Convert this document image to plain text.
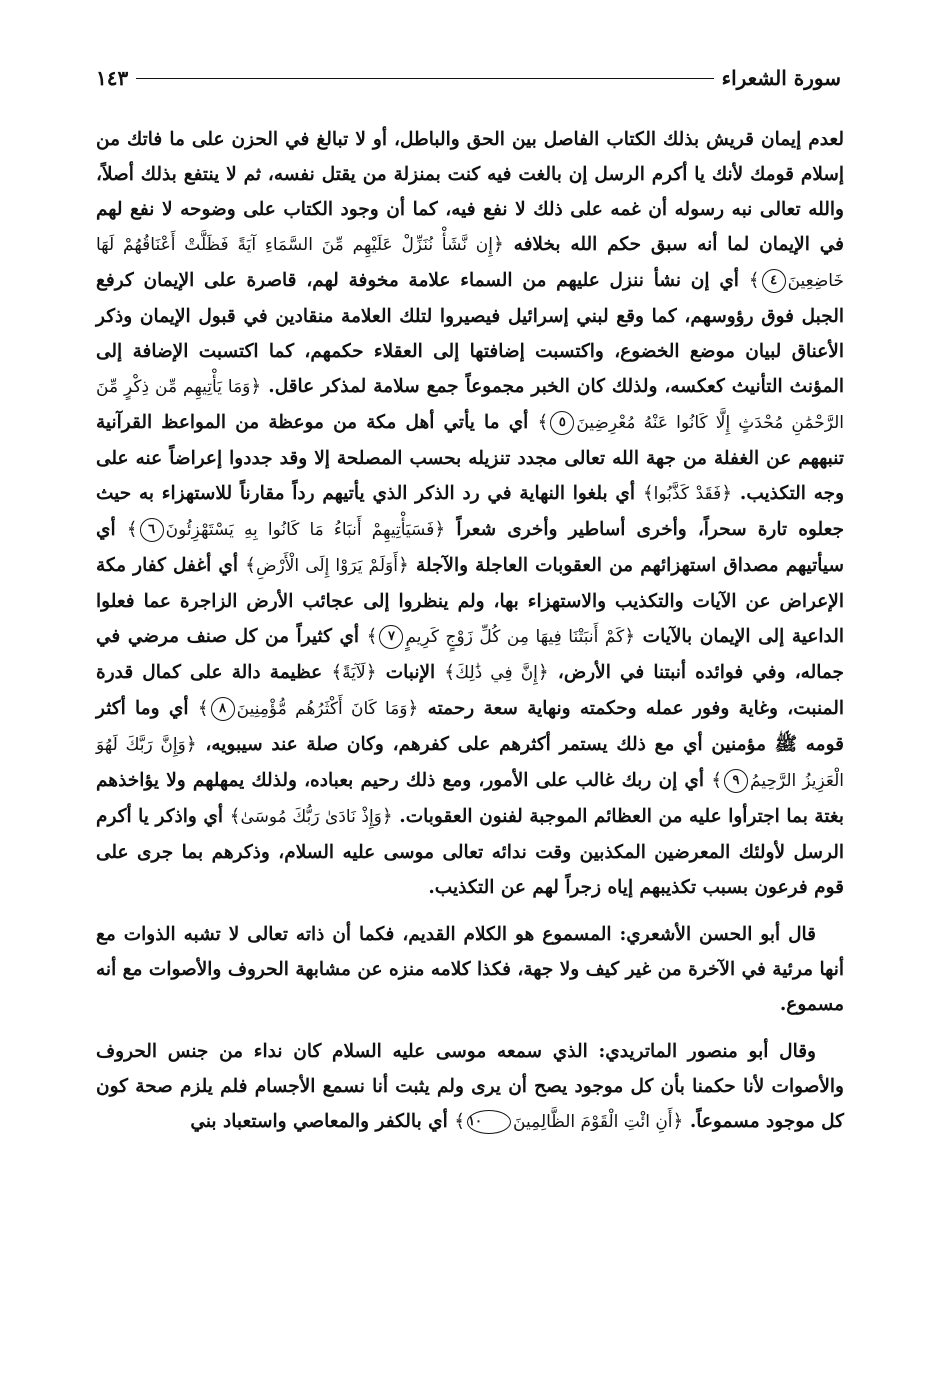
سورة الشعراء
١٤٣

لعدم إيمان قريش بذلك الكتاب الفاصل بين الحق والباطل، أو لا تبالغ في الحزن على ما فاتك من إسلام قومك لأنك يا أكرم الرسل إن بالغت فيه كنت بمنزلة من يقتل نفسه، ثم لا ينتفع بذلك أصلاً، والله تعالى نبه رسوله أن غمه على ذلك لا نفع فيه، كما أن وجود الكتاب على وضوحه لا نفع لهم في الإيمان لما أنه سبق حكم الله بخلافه ﴿إِن نَّشَأْ نُنَزِّلْ عَلَيْهِم مِّنَ السَّمَاءِ آيَةً فَظَلَّتْ أَعْنَاقُهُمْ لَهَا خَاضِعِينَ٤﴾ أي إن نشأ ننزل عليهم من السماء علامة مخوفة لهم، قاصرة على الإيمان كرفع الجبل فوق رؤوسهم، كما وقع لبني إسرائيل فيصيروا لتلك العلامة منقادين في قبول الإيمان وذكر الأعناق لبيان موضع الخضوع، واكتسبت إضافتها إلى العقلاء حكمهم، كما اكتسبت الإضافة إلى المؤنث التأنيث كعكسه، ولذلك كان الخبر مجموعاً جمع سلامة لمذكر عاقل. ﴿وَمَا يَأْتِيهِم مِّن ذِكْرٍ مِّنَ الرَّحْمَٰنِ مُحْدَثٍ إِلَّا كَانُوا عَنْهُ مُعْرِضِينَ٥﴾ أي ما يأتي أهل مكة من موعظة من المواعظ القرآنية تنبههم عن الغفلة من جهة الله تعالى مجدد تنزيله بحسب المصلحة إلا وقد جددوا إعراضاً عنه على وجه التكذيب. ﴿فَقَدْ كَذَّبُوا﴾ أي بلغوا النهاية في رد الذكر الذي يأتيهم رداً مقارناً للاستهزاء به حيث جعلوه تارة سحراً، وأخرى أساطير وأخرى شعراً ﴿فَسَيَأْتِيهِمْ أَنبَاءُ مَا كَانُوا بِهِ يَسْتَهْزِئُونَ٦﴾ أي سيأتيهم مصداق استهزائهم من العقوبات العاجلة والآجلة ﴿أَوَلَمْ يَرَوْا إِلَى الْأَرْضِ﴾ أي أغفل كفار مكة الإعراض عن الآيات والتكذيب والاستهزاء بها، ولم ينظروا إلى عجائب الأرض الزاجرة عما فعلوا الداعية إلى الإيمان بالآيات ﴿كَمْ أَنبَتْنَا فِيهَا مِن كُلِّ زَوْجٍ كَرِيمٍ٧﴾ أي كثيراً من كل صنف مرضي في جماله، وفي فوائده أنبتنا في الأرض، ﴿إِنَّ فِي ذَٰلِكَ﴾ الإنبات ﴿لَآيَةً﴾ عظيمة دالة على كمال قدرة المنبت، وغاية وفور عمله وحكمته ونهاية سعة رحمته ﴿وَمَا كَانَ أَكْثَرُهُم مُّؤْمِنِينَ٨﴾ أي وما أكثر قومه ﷺ مؤمنين أي مع ذلك يستمر أكثرهم على كفرهم، وكان صلة عند سيبويه، ﴿وَإِنَّ رَبَّكَ لَهُوَ الْعَزِيزُ الرَّحِيمُ٩﴾ أي إن ربك غالب على الأمور، ومع ذلك رحيم بعباده، ولذلك يمهلهم ولا يؤاخذهم بغتة بما اجترأوا عليه من العظائم الموجبة لفنون العقوبات. ﴿وَإِذْ نَادَىٰ رَبُّكَ مُوسَىٰ﴾ أي واذكر يا أكرم الرسل لأولئك المعرضين المكذبين وقت ندائه تعالى موسى عليه السلام، وذكرهم بما جرى على قوم فرعون بسبب تكذيبهم إياه زجراً لهم عن التكذيب.

قال أبو الحسن الأشعري: المسموع هو الكلام القديم، فكما أن ذاته تعالى لا تشبه الذوات مع أنها مرئية في الآخرة من غير كيف ولا جهة، فكذا كلامه منزه عن مشابهة الحروف والأصوات مع أنه مسموع.

وقال أبو منصور الماتريدي: الذي سمعه موسى عليه السلام كان نداء من جنس الحروف والأصوات لأنا حكمنا بأن كل موجود يصح أن يرى ولم يثبت أنا نسمع الأجسام فلم يلزم صحة كون كل موجود مسموعاً. ﴿أَنِ ائْتِ الْقَوْمَ الظَّالِمِينَ١٠﴾ أي بالكفر والمعاصي واستعباد بني
